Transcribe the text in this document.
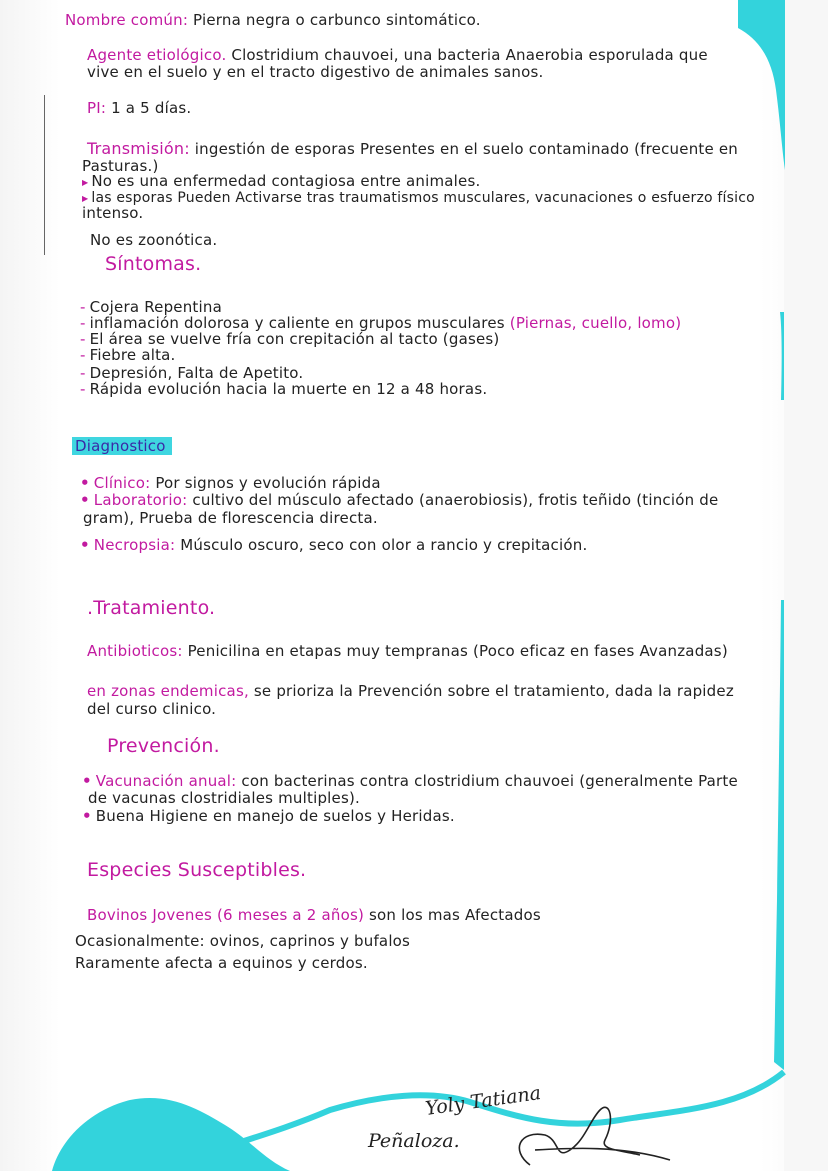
Nombre común: Pierna negra o carbunco sintomático.
Agente etiológico. Clostridium chauvoei, una bacteria Anaerobia esporulada que
vive en el suelo y en el tracto digestivo de animales sanos.
PI: 1 a 5 días.
Transmisión: ingestión de esporas Presentes en el suelo contaminado (frecuente en
Pasturas.)
▶ No es una enfermedad contagiosa entre animales.
▶ las esporas Pueden Activarse tras traumatismos musculares, vacunaciones o esfuerzo físico
intenso.
No es zoonótica.
Síntomas.
- Cojera Repentina
- inflamación dolorosa y caliente en grupos musculares (Piernas, cuello, lomo)
- El área se vuelve fría con crepitación al tacto (gases)
- Fiebre alta.
- Depresión, Falta de Apetito.
- Rápida evolución hacia la muerte en 12 a 48 horas.
Diagnostico
• Clínico: Por signos y evolución rápida
• Laboratorio: cultivo del músculo afectado (anaerobiosis), frotis teñido (tinción de
gram), Prueba de florescencia directa.
• Necropsia: Músculo oscuro, seco con olor a rancio y crepitación.
.Tratamiento.
Antibioticos: Penicilina en etapas muy tempranas (Poco eficaz en fases Avanzadas)
en zonas endemicas, se prioriza la Prevención sobre el tratamiento, dada la rapidez
del curso clinico.
Prevención.
• Vacunación anual: con bacterinas contra clostridium chauvoei (generalmente Parte
de vacunas clostridiales multiples).
• Buena Higiene en manejo de suelos y Heridas.
Especies Susceptibles.
Bovinos Jovenes (6 meses a 2 años) son los mas Afectados
Ocasionalmente: ovinos, caprinos y bufalos
Raramente afecta a equinos y cerdos.
Yoly Tatiana
Peñaloza.
